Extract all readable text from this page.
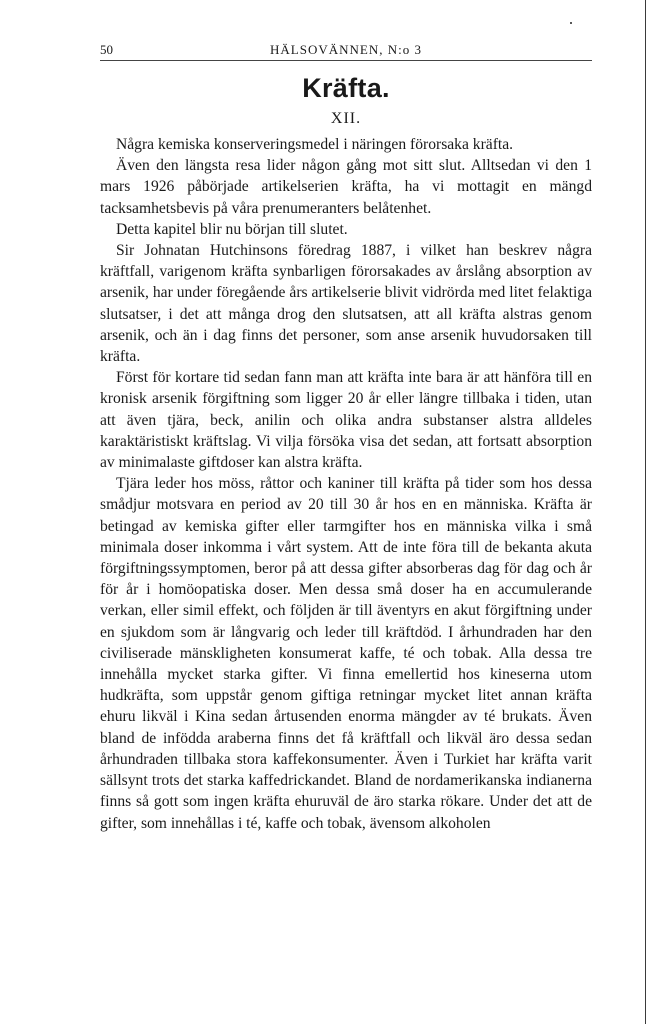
50	HÄLSOVÄNNEN, N:o 3
Kräfta.
XII.

Några kemiska konserveringsmedel i näringen förorsaka kräfta.

Även den längsta resa lider någon gång mot sitt slut. Alltsedan vi den 1 mars 1926 påbörjade artikelserien kräfta, ha vi mottagit en mängd tacksamhetsbevis på våra prenumeranters belåtenhet.

Detta kapitel blir nu början till slutet.

Sir Johnatan Hutchinsons föredrag 1887, i vilket han beskrev några kräftfall, varigenom kräfta synbarligen förorsakades av årslång absorption av arsenik, har under föregående års artikelserie blivit vidrörda med litet felaktiga slutsatser, i det att många drog den slutsatsen, att all kräfta alstras genom arsenik, och än i dag finns det personer, som anse arsenik huvudorsaken till kräfta.

Först för kortare tid sedan fann man att kräfta inte bara är att hänföra till en kronisk arsenik förgiftning som ligger 20 år eller längre tillbaka i tiden, utan att även tjära, beck, anilin och olika andra substanser alstra alldeles karaktäristiskt kräftslag. Vi vilja försöka visa det sedan, att fortsatt absorption av minimalaste giftdoser kan alstra kräfta.

Tjära leder hos möss, råttor och kaniner till kräfta på tider som hos dessa smådjur motsvara en period av 20 till 30 år hos en en människa. Kräfta är betingad av kemiska gifter eller tarmgifter hos en människa vilka i små minimala doser inkomma i vårt system. Att de inte föra till de bekanta akuta förgiftningssymptomen, beror på att dessa gifter absorberas dag för dag och år för år i homöopatiska doser. Men dessa små doser ha en accumulerande verkan, eller simil effekt, och följden är till äventyrs en akut förgiftning under en sjukdom som är långvarig och leder till kräftdöd. I århundraden har den civiliserade mänskligheten konsumerat kaffe, té och tobak. Alla dessa tre innehålla mycket starka gifter. Vi finna emellertid hos kineserna utom hudkräfta, som uppstår genom giftiga retningar mycket litet annan kräfta ehuru likväl i Kina sedan årtusenden enorma mängder av té brukats. Även bland de infödda araberna finns det få kräftfall och likväl äro dessa sedan århundraden tillbaka stora kaffekonsumenter. Även i Turkiet har kräfta varit sällsynt trots det starka kaffedrickandet. Bland de nordamerikanska indianerna finns så gott som ingen kräfta ehuruväl de äro starka rökare. Under det att de gifter, som innehållas i té, kaffe och tobak, ävensom alkoholen
